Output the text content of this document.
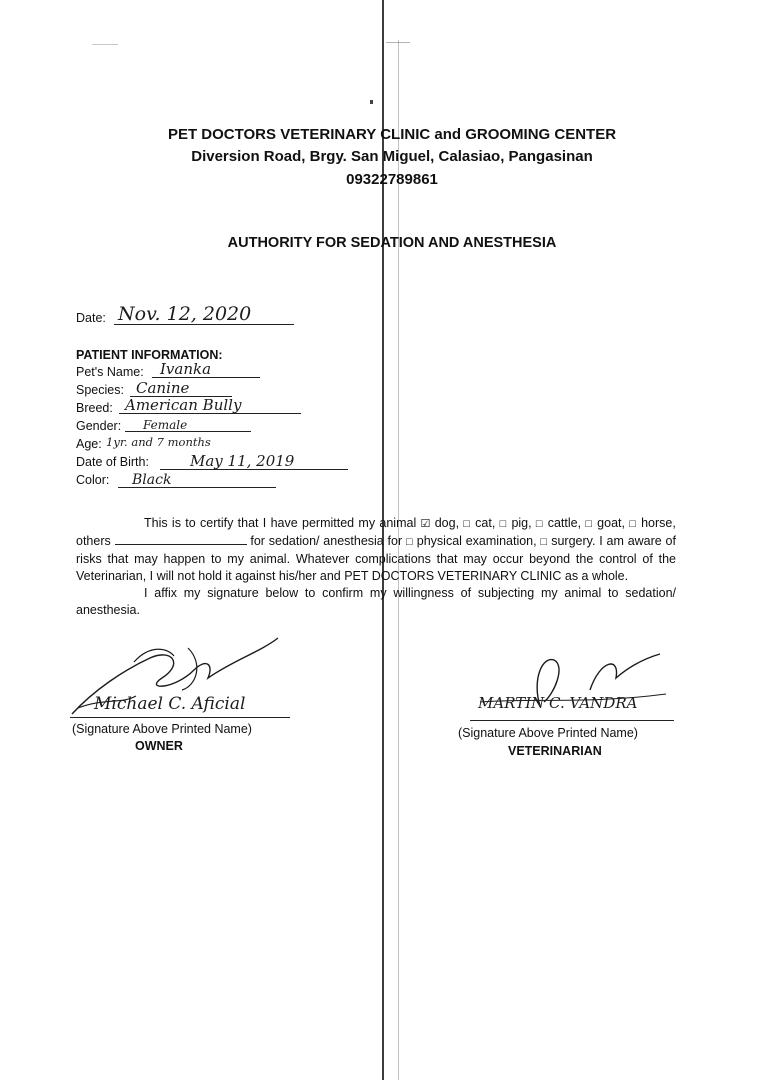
PET DOCTORS VETERINARY CLINIC and GROOMING CENTER
Diversion Road, Brgy. San Miguel, Calasiao, Pangasinan
09322789861
AUTHORITY FOR SEDATION AND ANESTHESIA
Date: Nov. 12, 2020
PATIENT INFORMATION:
Pet's Name:	Ivanka
Species: Canine
Breed: American Bully
Gender:	Female
Age: 1yr. and 7 months
Date of Birth:	May 11, 2019
Color:	Black

This is to certify that I have permitted my animal ☑ dog, □ cat, □ pig, □ cattle, □ goat, □ horse, others	for sedation/ anesthesia for □ physical examination, □ surgery. I am aware of risks that may happen to my animal. Whatever complications that may occur beyond the control of the Veterinarian, I will not hold it against his/her and PET DOCTORS VETERINARY CLINIC as a whole.

I affix my signature below to confirm my willingness of subjecting my animal to sedation/ anesthesia.

Michael C. Aficial
(Signature Above Printed Name)
OWNER
MARTIN C. VANDRA
(Signature Above Printed Name)
VETERINARIAN
